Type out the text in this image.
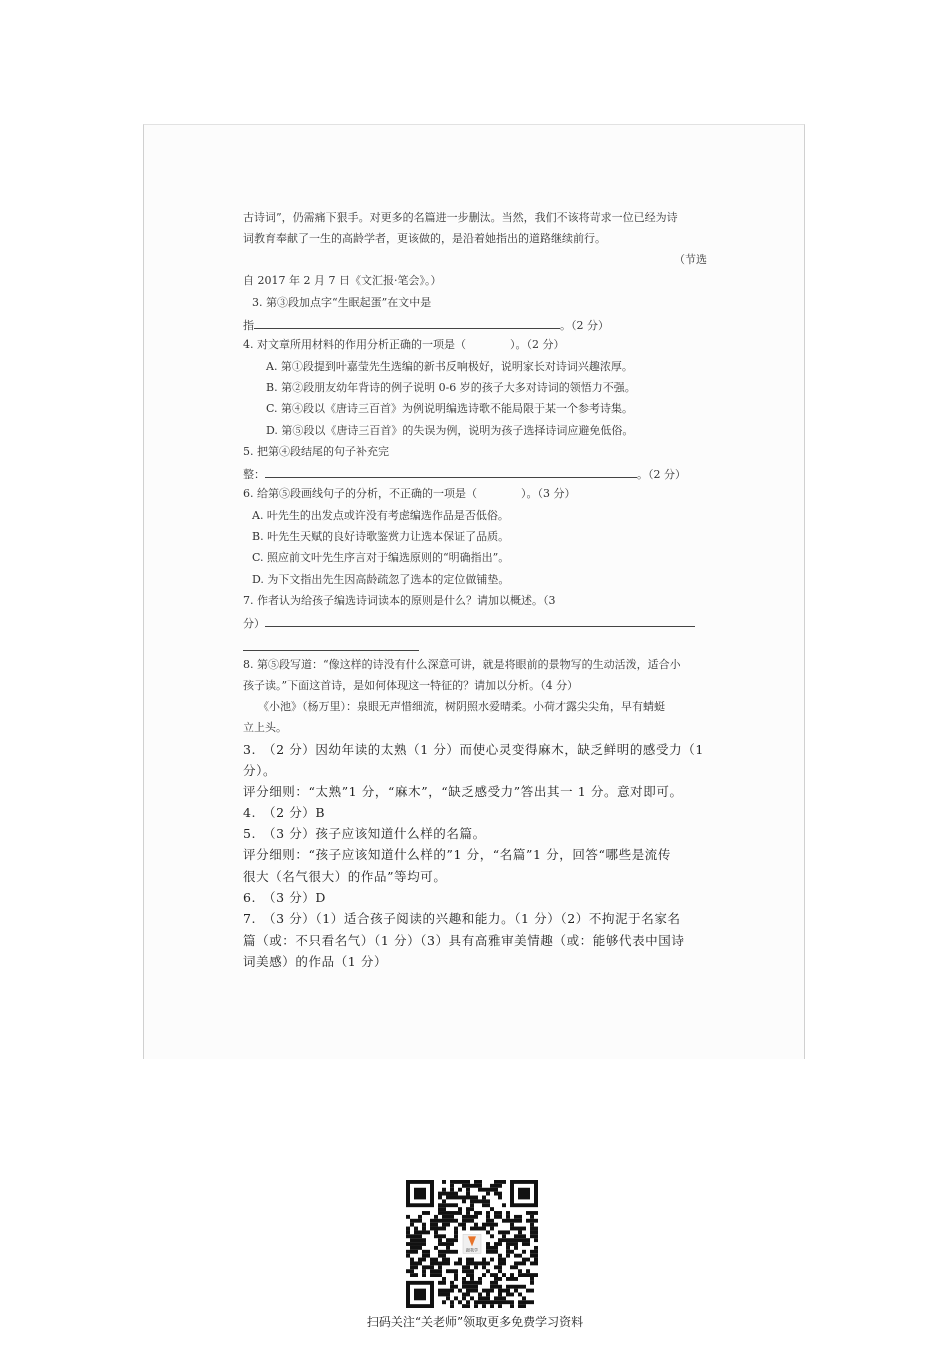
古诗词”，仍需痛下狠手。对更多的名篇进一步删汰。当然，我们不该将苛求一位已经为诗
词教育奉献了一生的高龄学者，更该做的，是沿着她指出的道路继续前行。
（节选
自 2017 年 2 月 7 日《文汇报·笔会》。）
3. 第③段加点字“生眠起蛋”在文中是
指	。（2 分）
4. 对文章所用材料的作用分析正确的一项是（　　　　）。（2 分）
A. 第①段提到叶嘉莹先生选编的新书反响极好，说明家长对诗词兴趣浓厚。
B. 第②段朋友幼年背诗的例子说明 0-6 岁的孩子大多对诗词的领悟力不强。
C. 第④段以《唐诗三百首》为例说明编选诗歌不能局限于某一个参考诗集。
D. 第⑤段以《唐诗三百首》的失误为例，说明为孩子选择诗词应避免低俗。
5. 把第④段结尾的句子补充完
整：	。（2 分）
6. 给第⑤段画线句子的分析，不正确的一项是（　　　　）。（3 分）
A. 叶先生的出发点或许没有考虑编选作品是否低俗。
B. 叶先生天赋的良好诗歌鉴赏力让选本保证了品质。
C. 照应前文叶先生序言对于编选原则的“明确指出”。
D. 为下文指出先生因高龄疏忽了选本的定位做铺垫。
7. 作者认为给孩子编选诗词读本的原则是什么？请加以概述。（3
分）
8. 第⑤段写道：“像这样的诗没有什么深意可讲，就是将眼前的景物写的生动活泼，适合小
孩子读。”下面这首诗，是如何体现这一特征的？请加以分析。（4 分）
《小池》（杨万里）：泉眼无声惜细流，树阴照水爱晴柔。小荷才露尖尖角，早有蜻蜓
立上头。
3.　（2 分）因幼年读的太熟（1 分）而使心灵变得麻木，缺乏鲜明的感受力（1
分）。
评分细则：“太熟”1 分，“麻木”，“缺乏感受力”答出其一 1 分。意对即可。
4.　（2 分）B
5.　（3 分）孩子应该知道什么样的名篇。
评分细则：“孩子应该知道什么样的”1 分，“名篇”1 分，回答“哪些是流传
很大（名气很大）的作品”等均可。
6.　（3 分）D
7.　（3 分）（1）适合孩子阅读的兴趣和能力。（1 分）（2）不拘泥于名家名
篇（或：不只看名气）（1 分）（3）具有高雅审美情趣（或：能够代表中国诗
词美感）的作品（1 分）
跟我学
扫码关注“关老师”领取更多免费学习资料
